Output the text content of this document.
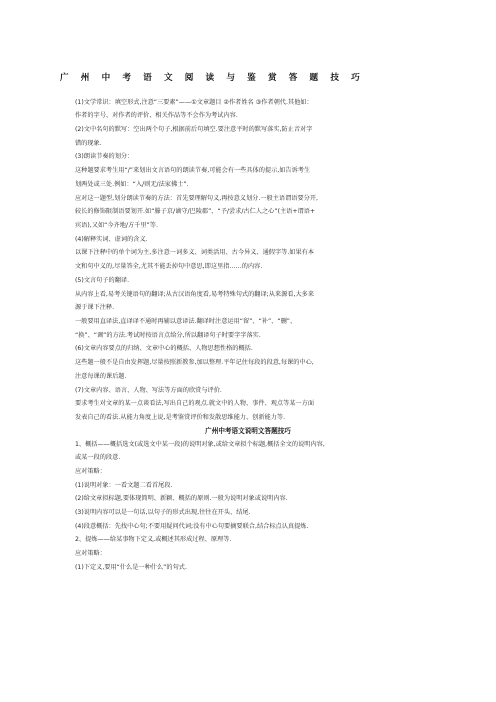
广州中考语文阅读与鉴赏答题技巧
(1)文学常识：填空形式,注意“三要素”——①文章题目 ②作者姓名 ③作者朝代.其他如：
作者的字号、对作者的评价、相关作品等不会作为考试内容.
(2)文中名句的默写：空出两个句子,根据前后句填空.要注意平时的默写落实,防止音对字
错的现象.
(3)朗读节奏的划分：
这种题要求考生用“/”来划出文言语句的朗读节奏,可能会有一些具体的提示,如告诉考生
划两处或三处.例如：“入/则无/法家拂士”.
应对这一题型,划分朗读节奏的方法：首先要理解句义,再按意义划分.一般主语谓语要分开,
较长的修饰限制语要划开.如“滕子京/谪守/巴陵郡”、“予/尝求/古仁人之心”(主语+谓语+
宾语),又如“今齐地/方千里”等.
(4)解释实词、虚词的含义.
以课下注释中的单个词为主,多注意一词多义、词类活用、古今异义、通假字等.如果有本
文和句中义的,尽量答全,尤其不能丢掉句中意思,即这里指……的内容.
(5)文言句子的翻译.
从内容上看,易考关键语句的翻译;从古汉语角度看,易考特殊句式的翻译;从来源看,大多来
源于课下注释.
一般要用直译法,直译译不通时再辅以意译法.翻译时注意运用“留”、“补”、“删”、
“换”、“调”的方法.考试时按语言点给分,所以翻译句子时要字字落实.
(6)文章内容要点的归纳、文章中心的概括、人物思想性格的概括.
这些题一般不是自由发挥题,尽量按照新教参,加以整理.平年记住每段的段意,每课的中心,
注意每课的课后题.
(7)文章内容、语言、人物、写法等方面的欣赏与评价.
要求考生对文章的某一点谈看法,写出自己的观点.就文中的人物、事件、观点等某一方面
发表自己的看法.从能力角度上说,是考鉴赏评价和发散思维能力、创新能力等.
广州中考语文说明文答题技巧
1、概括——概括选文(或选文中某一段)的说明对象,或给文章拟个标题,概括全文的说明内容,
或某一段的段意.
应对策略：
(1)说明对象：一看文题二看首尾段.
(2)给文章拟标题,要体现简明、新颖、概括的原则.一般为说明对象或说明内容.
(3)说明内容可以是一句话,以句子的形式出现,往往在开头、结尾.
(4)段意概括：先找中心句;不要用疑问代词;没有中心句要摘要联合,结合标点认真提炼.
2、提炼——给某事物下定义,或概述其形成过程、原理等.
应对策略：
(1)下定义,要用“什么是一种什么”的句式.
